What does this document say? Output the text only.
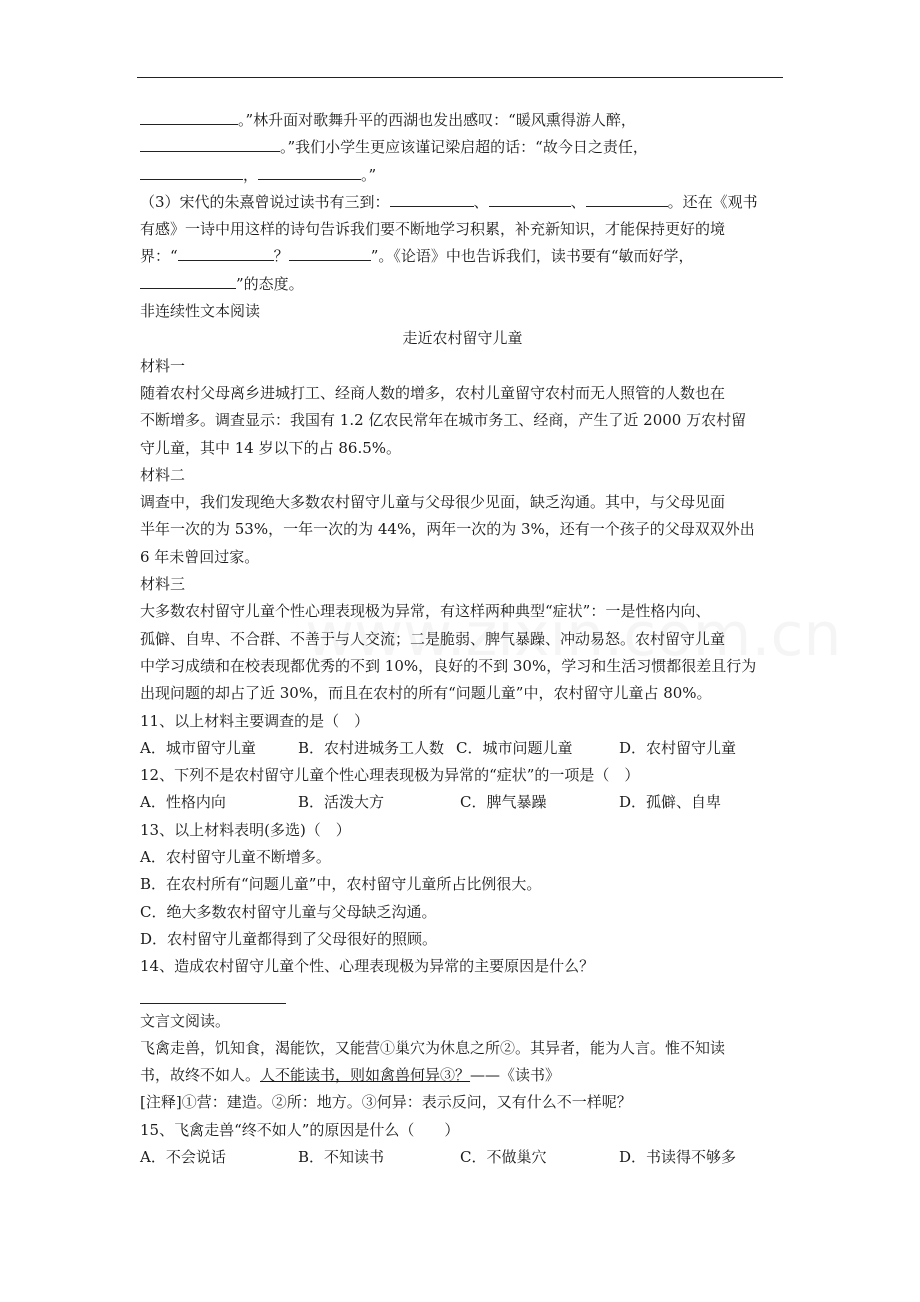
。”林升面对歌舞升平的西湖也发出感叹：“暖风熏得游人醉，
。”我们小学生更应该谨记梁启超的话：“故今日之责任，
，	。”
（3）宋代的朱熹曾说过读书有三到：	、	、	。还在《观书
有感》一诗中用这样的诗句告诉我们要不断地学习积累，补充新知识，才能保持更好的境
界：“	？	”。《论语》中也告诉我们，读书要有“敏而好学，
”的态度。
非连续性文本阅读
走近农村留守儿童
材料一
随着农村父母离乡进城打工、经商人数的增多，农村儿童留守农村而无人照管的人数也在
不断增多。调查显示：我国有 1.2 亿农民常年在城市务工、经商，产生了近 2000 万农村留
守儿童，其中 14 岁以下的占 86.5%。
材料二
调查中，我们发现绝大多数农村留守儿童与父母很少见面，缺乏沟通。其中，与父母见面
半年一次的为 53%，一年一次的为 44%，两年一次的为 3%，还有一个孩子的父母双双外出
6 年未曾回过家。
材料三
大多数农村留守儿童个性心理表现极为异常，有这样两种典型“症状”：一是性格内向、
孤僻、自卑、不合群、不善于与人交流；二是脆弱、脾气暴躁、冲动易怒。农村留守儿童
中学习成绩和在校表现都优秀的不到 10%，良好的不到 30%，学习和生活习惯都很差且行为
出现问题的却占了近 30%，而且在农村的所有“问题儿童”中，农村留守儿童占 80%。
11、以上材料主要调查的是（　）
A．城市留守儿童	B．农村进城务工人数 C．城市问题儿童	D．农村留守儿童
12、下列不是农村留守儿童个性心理表现极为异常的“症状”的一项是（　）
A．性格内向	B．活泼大方	C．脾气暴躁	D．孤僻、自卑
13、以上材料表明(多选)（　）
A．农村留守儿童不断增多。
B．在农村所有“问题儿童”中，农村留守儿童所占比例很大。
C．绝大多数农村留守儿童与父母缺乏沟通。
D．农村留守儿童都得到了父母很好的照顾。
14、造成农村留守儿童个性、心理表现极为异常的主要原因是什么？
文言文阅读。
飞禽走兽，饥知食，渴能饮，又能营①巢穴为休息之所②。其异者，能为人言。惟不知读
书，故终不如人。人不能读书，则如禽兽何异③？——《读书》
[注释]①营：建造。②所：地方。③何异：表示反问，又有什么不一样呢？
15、飞禽走兽“终不如人”的原因是什么（　　）
A．不会说话	B．不知读书	C．不做巢穴	D．书读得不够多
